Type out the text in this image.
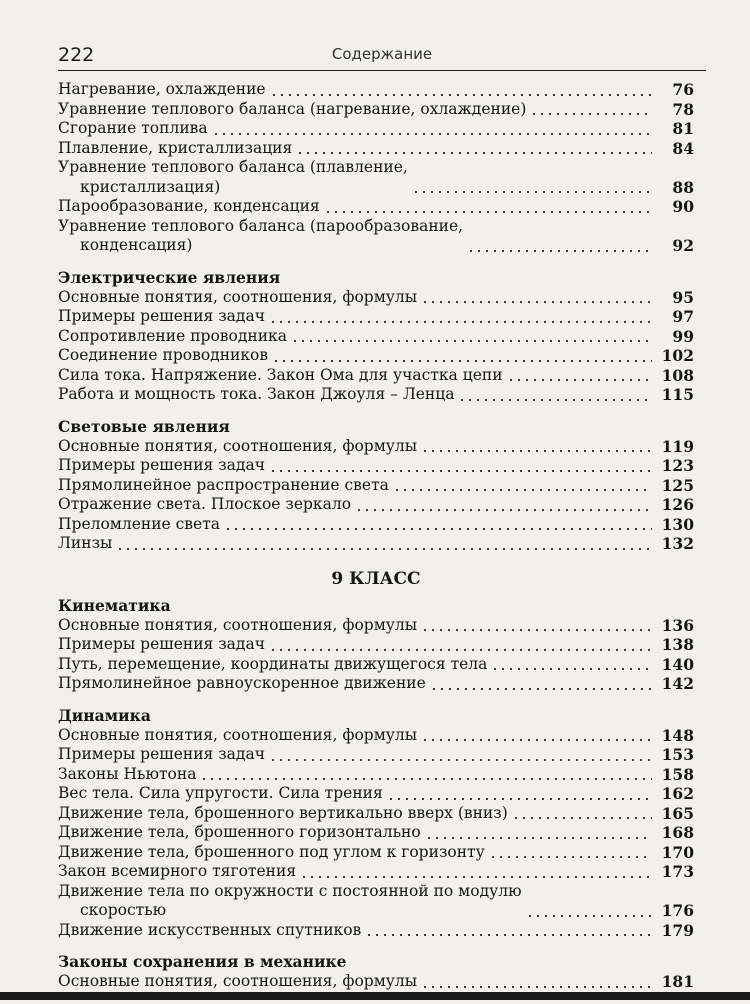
222	Содержание
Нагревание, охлаждение	76
Уравнение теплового баланса (нагревание, охлаждение)	78
Сгорание топлива	81
Плавление, кристаллизация	84
Уравнение теплового баланса (плавление,
кристаллизация)	88
Парообразование, конденсация	90
Уравнение теплового баланса (парообразование,
конденсация)	92
Электрические явления
Основные понятия, соотношения, формулы	95
Примеры решения задач	97
Сопротивление проводника	99
Соединение проводников	102
Сила тока. Напряжение. Закон Ома для участка цепи	108
Работа и мощность тока. Закон Джоуля – Ленца	115
Световые явления
Основные понятия, соотношения, формулы	119
Примеры решения задач	123
Прямолинейное распространение света	125
Отражение света. Плоское зеркало	126
Преломление света	130
Линзы	132
9 КЛАСС
Кинематика
Основные понятия, соотношения, формулы	136
Примеры решения задач	138
Путь, перемещение, координаты движущегося тела	140
Прямолинейное равноускоренное движение	142
Динамика
Основные понятия, соотношения, формулы	148
Примеры решения задач	153
Законы Ньютона	158
Вес тела. Сила упругости. Сила трения	162
Движение тела, брошенного вертикально вверх (вниз)	165
Движение тела, брошенного горизонтально	168
Движение тела, брошенного под углом к горизонту	170
Закон всемирного тяготения	173
Движение тела по окружности с постоянной по модулю
скоростью	176
Движение искусственных спутников	179
Законы сохранения в механике
Основные понятия, соотношения, формулы	181
